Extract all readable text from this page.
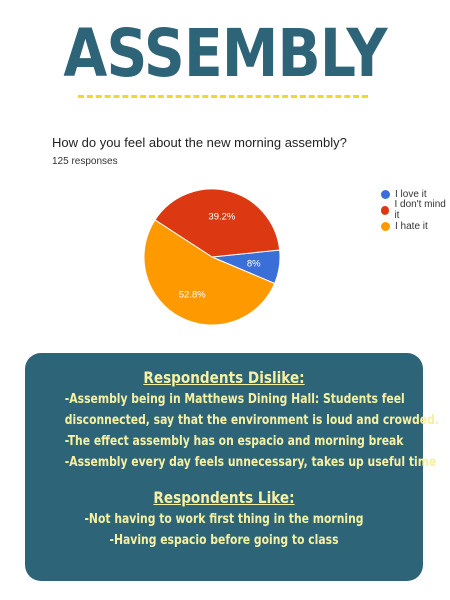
ASSEMBLY
How do you feel about the new morning assembly?
125 responses
8%
39.2%
52.8%
I love it
I don't mind it
I hate it
Respondents Dislike:
-Assembly being in Matthews Dining Hall: Students feel
disconnected, say that the environment is loud and crowded.
-The effect assembly has on espacio and morning break
-Assembly every day feels unnecessary, takes up useful time
Respondents Like:
-Not having to work first thing in the morning
-Having espacio before going to class
